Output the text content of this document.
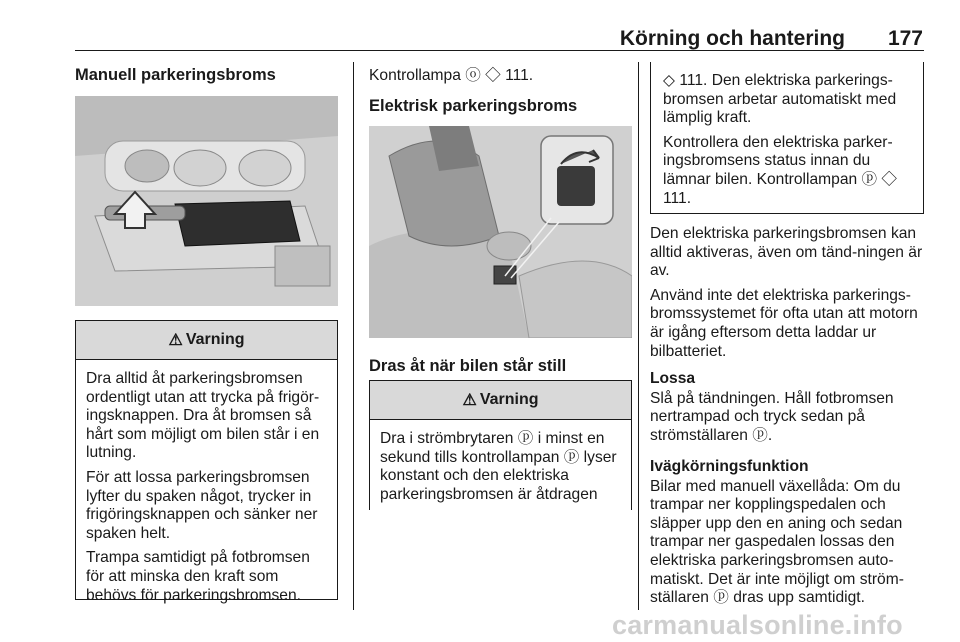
Körning och hantering 177
Manuell parkeringsbroms
⚠ Varning

Dra alltid åt parkeringsbromsen ordentligt utan att trycka på frigör-ingsknappen. Dra åt bromsen så hårt som möjligt om bilen står i en lutning.

För att lossa parkeringsbromsen lyfter du spaken något, trycker in frigöringsknappen och sänker ner spaken helt.

Trampa samtidigt på fotbromsen för att minska den kraft som behövs för parkeringsbromsen.

Kontrollampa ⓞ ◇ 111.
Elektrisk parkeringsbroms
Dras åt när bilen står still
⚠ Varning

Dra i strömbrytaren ⓟ i minst en sekund tills kontrollampan ⓟ lyser konstant och den elektriska parkeringsbromsen är åtdragen

◇ 111. Den elektriska parkerings-bromsen arbetar automatiskt med lämplig kraft.

Kontrollera den elektriska parker-ingsbromsens status innan du lämnar bilen. Kontrollampan ⓟ ◇ 111.

Den elektriska parkeringsbromsen kan alltid aktiveras, även om tänd-ningen är av.

Använd inte det elektriska parkerings-bromssystemet för ofta utan att motorn är igång eftersom detta laddar ur bilbatteriet.

Lossa

Slå på tändningen. Håll fotbromsen nertrampad och tryck sedan på strömställaren ⓟ.

Ivägkörningsfunktion

Bilar med manuell växellåda: Om du trampar ner kopplingspedalen och släpper upp den en aning och sedan trampar ner gaspedalen lossas den elektriska parkeringsbromsen auto-matiskt. Det är inte möjligt om ström-ställaren ⓟ dras upp samtidigt.

carmanualsonline.info
